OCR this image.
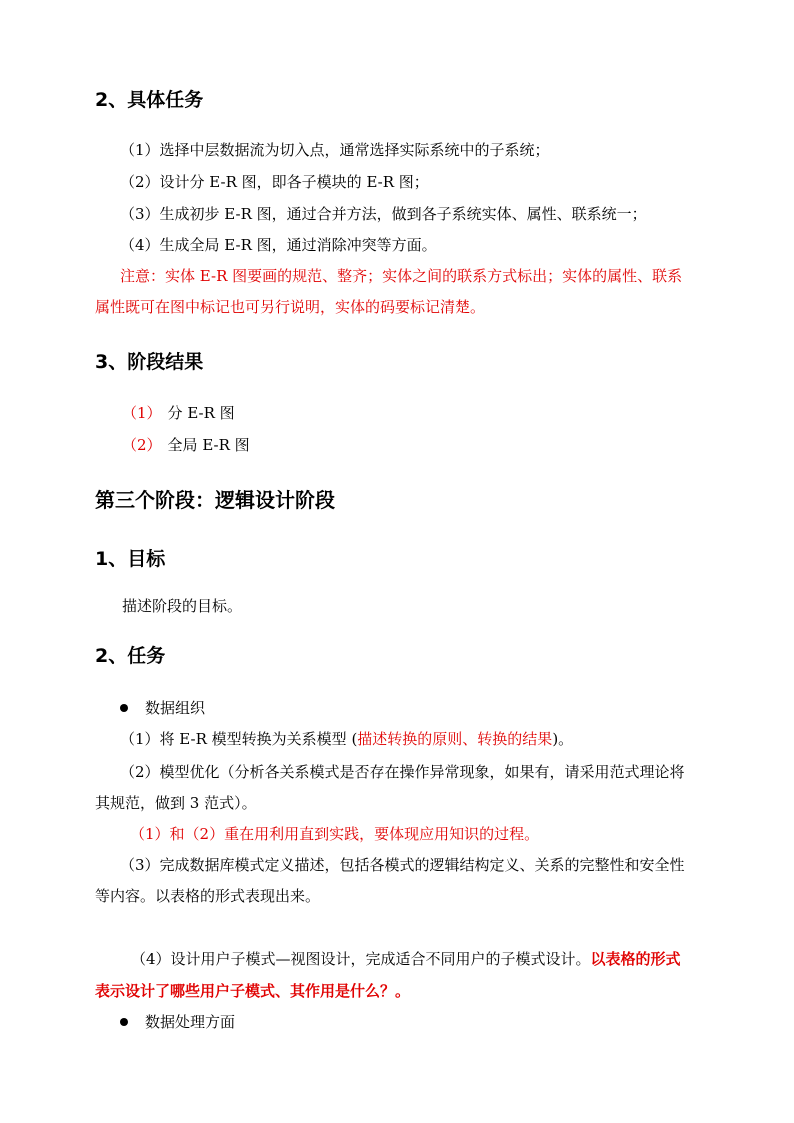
2、具体任务
（1）选择中层数据流为切入点，通常选择实际系统中的子系统；
（2）设计分 E-R 图，即各子模块的 E-R 图；
（3）生成初步 E-R 图，通过合并方法，做到各子系统实体、属性、联系统一；
（4）生成全局 E-R 图，通过消除冲突等方面。
注意：实体 E-R 图要画的规范、整齐；实体之间的联系方式标出；实体的属性、联系
属性既可在图中标记也可另行说明，实体的码要标记清楚。
3、阶段结果
（1） 分 E-R 图
（2） 全局 E-R 图
第三个阶段：逻辑设计阶段
1、目标
描述阶段的目标。
2、任务
数据组织
（1）将 E-R 模型转换为关系模型 (描述转换的原则、转换的结果)。
（2）模型优化（分析各关系模式是否存在操作异常现象，如果有，请采用范式理论将
其规范，做到 3 范式）。
（1）和（2）重在用利用直到实践，要体现应用知识的过程。
（3）完成数据库模式定义描述，包括各模式的逻辑结构定义、关系的完整性和安全性
等内容。以表格的形式表现出来。
（4）设计用户子模式—视图设计，完成适合不同用户的子模式设计。以表格的形式
表示设计了哪些用户子模式、其作用是什么？。
数据处理方面
